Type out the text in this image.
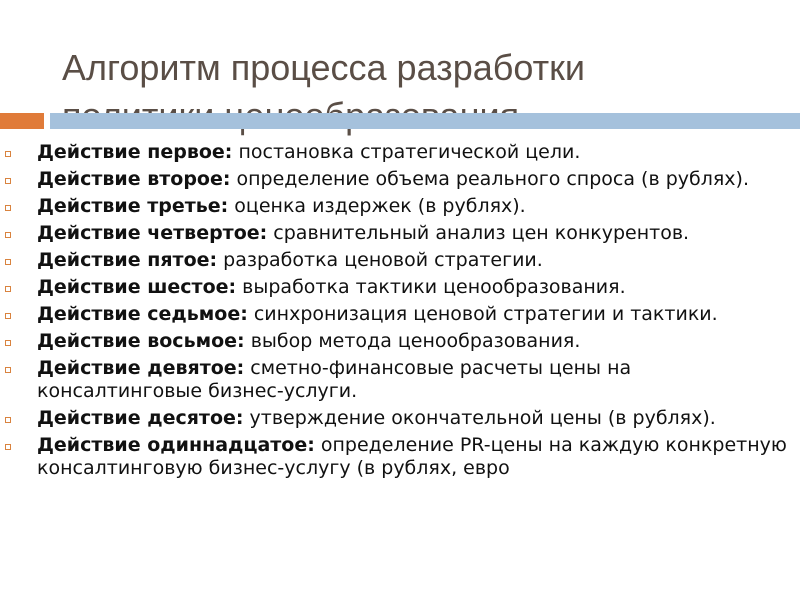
Алгоритм процесса разработки
Действие первое: постановка стратегической цели.
Действие второе: определение объема реального спроса (в рублях).
Действие третье: оценка издержек (в рублях).
Действие четвертое: сравнительный анализ цен конкурентов.
Действие пятое: разработка ценовой стратегии.
Действие шестое: выработка тактики ценообразования.
Действие седьмое: синхронизация ценовой стратегии и тактики.
Действие восьмое: выбор метода ценообразования.
Действие девятое: сметно-финансовые расчеты цены на консалтинговые бизнес-услуги.
Действие десятое: утверждение окончательной цены (в рублях).
Действие одиннадцатое: определение PR-цены на каждую конкретную консалтинговую бизнес-услугу (в рублях, евро
